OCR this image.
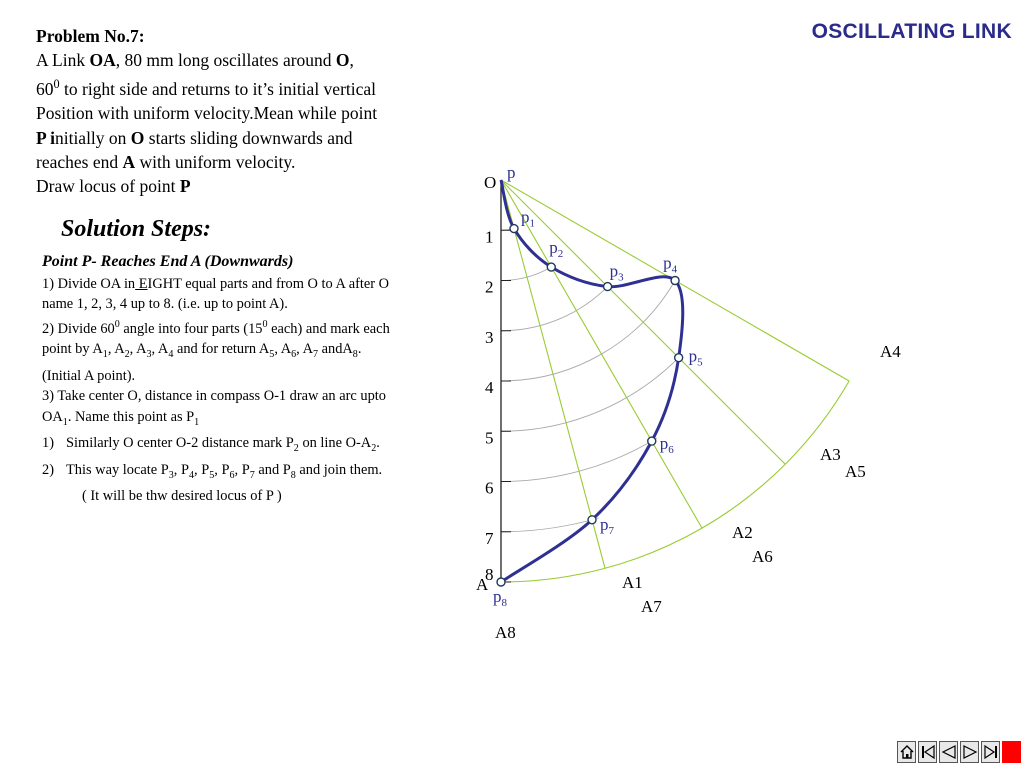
OSCILLATING LINK
Problem No.7:
A Link OA, 80 mm long oscillates around O,
$60^0$ to right side and returns to it’s initial vertical
Position with uniform velocity.Mean while point
P initially on O starts sliding downwards and
reaches end A with uniform velocity.
Draw locus of point P
Solution Steps:
Point P- Reaches End A (Downwards)
1) Divide OA in EIGHT equal parts and from O to A after O
name 1, 2, 3, 4 up to 8. (i.e. up to point A).
2) Divide $60^0$ angle into four parts ($15^0$ each) and mark each
point by $A_1$, $A_2$, $A_3$, $A_4$ and for return $A_5$, $A_6$, $A_7$ andA$_8$.
(Initial A point).
3) Take center O, distance in compass O-1 draw an arc upto
$OA_1$. Name this point as $P_1$
1) Similarly O center O-2 distance mark $P_2$ on line $O-A_2$.
2) This way locate $P_3$, $P_4$, $P_5$, $P_6$, $P_7$ and $P_8$ and join them.
( It will be thw desired locus of P )
O
p
A
1
2
3
4
5
6
7
8
$p_1$
$p_2$
$p_3$
$p_4$
$p_5$
$p_6$
$p_7$
$p_8$
A1
A2
A3
A4
A5
A6
A7
A8
